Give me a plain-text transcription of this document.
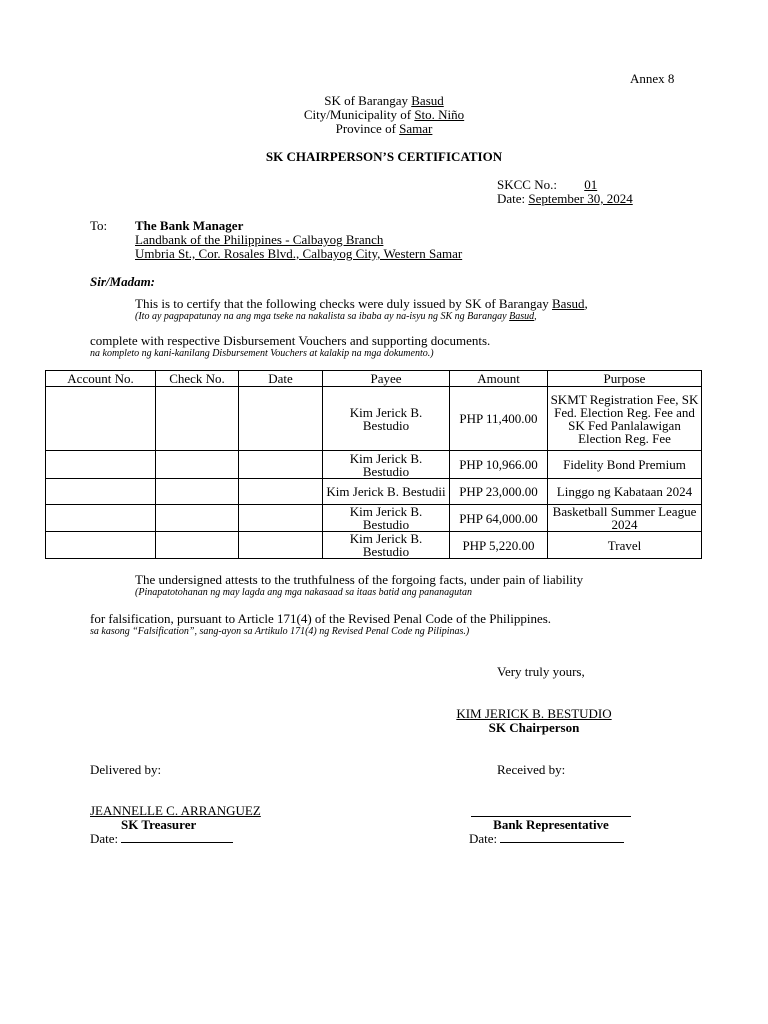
Annex 8
SK of Barangay Basud
City/Municipality of Sto. Niño
Province of Samar
SK CHAIRPERSON’S CERTIFICATION
SKCC No.: 01
Date: September 30, 2024
To: The Bank Manager
Landbank of the Philippines - Calbayog Branch
Umbria St., Cor. Rosales Blvd., Calbayog City, Western Samar
Sir/Madam:
This is to certify that the following checks were duly issued by SK of Barangay Basud,
(Ito ay pagpapatunay na ang mga tseke na nakalista sa ibaba ay na-isyu ng SK ng Barangay Basud,
complete with respective Disbursement Vouchers and supporting documents.
na kompleto ng kani-kanilang Disbursement Vouchers at kalakip na mga dokumento.)
Account No.	Check No.	Date	Payee	Amount	Purpose
			Kim Jerick B. Bestudio	PHP 11,400.00	SKMT Registration Fee, SK Fed. Election Reg. Fee and SK Fed Panlalawigan Election Reg. Fee
			Kim Jerick B. Bestudio	PHP 10,966.00	Fidelity Bond Premium
			Kim Jerick B. Bestudii	PHP 23,000.00	Linggo ng Kabataan 2024
			Kim Jerick B. Bestudio	PHP 64,000.00	Basketball Summer League 2024
			Kim Jerick B. Bestudio	PHP 5,220.00	Travel
The undersigned attests to the truthfulness of the forgoing facts, under pain of liability
(Pinapatotohanan ng may lagda ang mga nakasaad sa itaas batid ang pananagutan
for falsification, pursuant to Article 171(4) of the Revised Penal Code of the Philippines.
sa kasong “Falsification”, sang-ayon sa Artikulo 171(4) ng Revised Penal Code ng Pilipinas.)
Very truly yours,
KIM JERICK B. BESTUDIO
SK Chairperson
Delivered by:	Received by:
JEANNELLE C. ARRANGUEZ
SK Treasurer
Date:
Bank Representative
Date:
